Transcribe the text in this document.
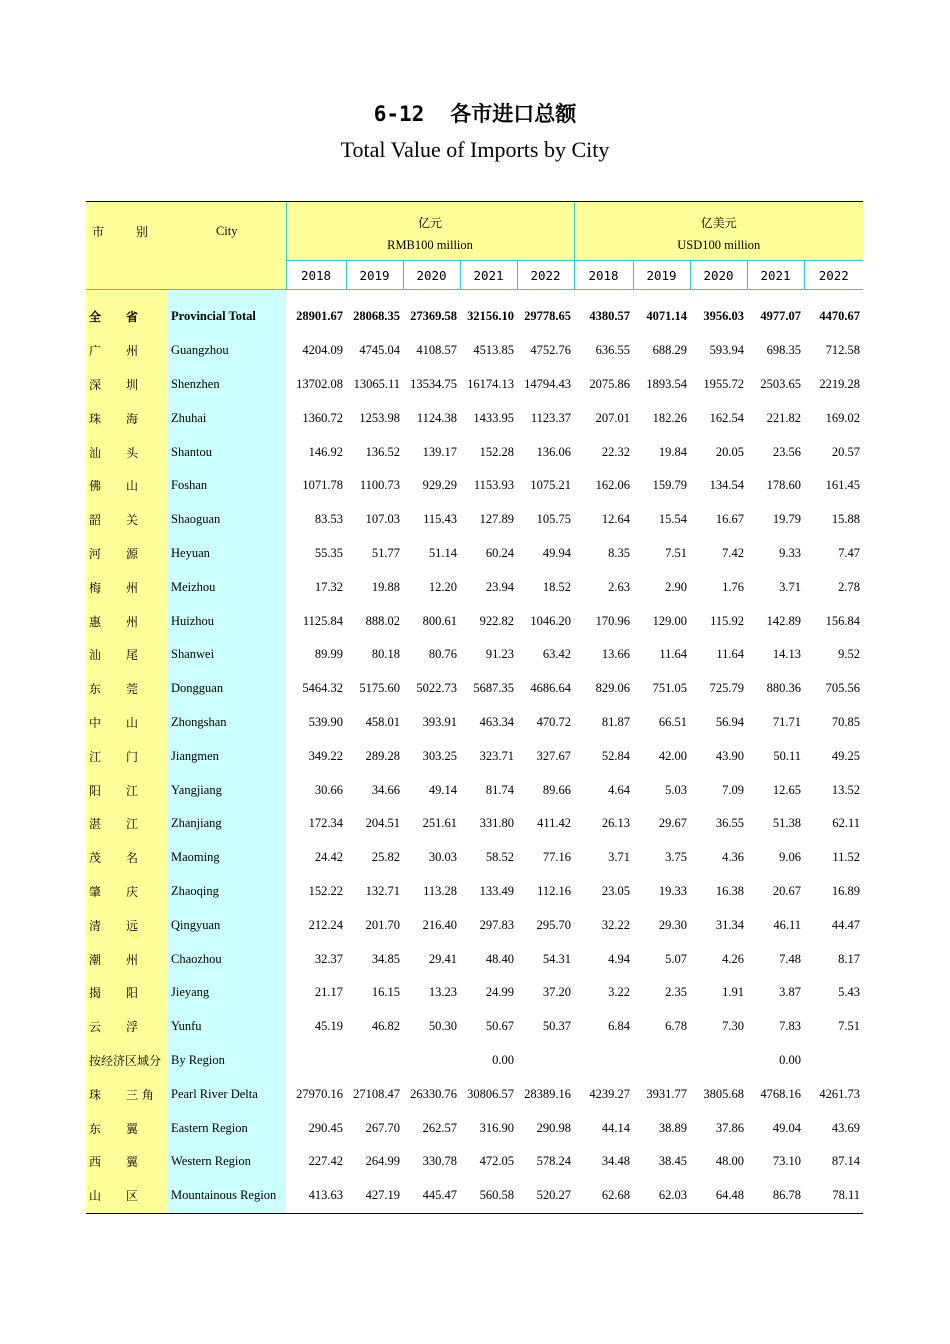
6-12 各市进口总额
Total Value of Imports by City
市 别	City	亿元					亿美元				
		RMB100 million					USD100 million				
		2018	2019	2020	2021	2022	2018	2019	2020	2021	2022

全 省	Provincial Total	28901.67	28068.35	27369.58	32156.10	29778.65	4380.57	4071.14	3956.03	4977.07	4470.67
广 州	Guangzhou	4204.09	4745.04	4108.57	4513.85	4752.76	636.55	688.29	593.94	698.35	712.58
深 圳	Shenzhen	13702.08	13065.11	13534.75	16174.13	14794.43	2075.86	1893.54	1955.72	2503.65	2219.28
珠 海	Zhuhai	1360.72	1253.98	1124.38	1433.95	1123.37	207.01	182.26	162.54	221.82	169.02
汕 头	Shantou	146.92	136.52	139.17	152.28	136.06	22.32	19.84	20.05	23.56	20.57
佛 山	Foshan	1071.78	1100.73	929.29	1153.93	1075.21	162.06	159.79	134.54	178.60	161.45
韶 关	Shaoguan	83.53	107.03	115.43	127.89	105.75	12.64	15.54	16.67	19.79	15.88
河 源	Heyuan	55.35	51.77	51.14	60.24	49.94	8.35	7.51	7.42	9.33	7.47
梅 州	Meizhou	17.32	19.88	12.20	23.94	18.52	2.63	2.90	1.76	3.71	2.78
惠 州	Huizhou	1125.84	888.02	800.61	922.82	1046.20	170.96	129.00	115.92	142.89	156.84
汕 尾	Shanwei	89.99	80.18	80.76	91.23	63.42	13.66	11.64	11.64	14.13	9.52
东 莞	Dongguan	5464.32	5175.60	5022.73	5687.35	4686.64	829.06	751.05	725.79	880.36	705.56
中 山	Zhongshan	539.90	458.01	393.91	463.34	470.72	81.87	66.51	56.94	71.71	70.85
江 门	Jiangmen	349.22	289.28	303.25	323.71	327.67	52.84	42.00	43.90	50.11	49.25
阳 江	Yangjiang	30.66	34.66	49.14	81.74	89.66	4.64	5.03	7.09	12.65	13.52
湛 江	Zhanjiang	172.34	204.51	251.61	331.80	411.42	26.13	29.67	36.55	51.38	62.11
茂 名	Maoming	24.42	25.82	30.03	58.52	77.16	3.71	3.75	4.36	9.06	11.52
肇 庆	Zhaoqing	152.22	132.71	113.28	133.49	112.16	23.05	19.33	16.38	20.67	16.89
清 远	Qingyuan	212.24	201.70	216.40	297.83	295.70	32.22	29.30	31.34	46.11	44.47
潮 州	Chaozhou	32.37	34.85	29.41	48.40	54.31	4.94	5.07	4.26	7.48	8.17
揭 阳	Jieyang	21.17	16.15	13.23	24.99	37.20	3.22	2.35	1.91	3.87	5.43
云 浮	Yunfu	45.19	46.82	50.30	50.67	50.37	6.84	6.78	7.30	7.83	7.51
按经济区域分	By Region				0.00					0.00	
珠 三 角	Pearl River Delta	27970.16	27108.47	26330.76	30806.57	28389.16	4239.27	3931.77	3805.68	4768.16	4261.73
东 翼	Eastern Region	290.45	267.70	262.57	316.90	290.98	44.14	38.89	37.86	49.04	43.69
西 翼	Western Region	227.42	264.99	330.78	472.05	578.24	34.48	38.45	48.00	73.10	87.14
山 区	Mountainous Region	413.63	427.19	445.47	560.58	520.27	62.68	62.03	64.48	86.78	78.11
